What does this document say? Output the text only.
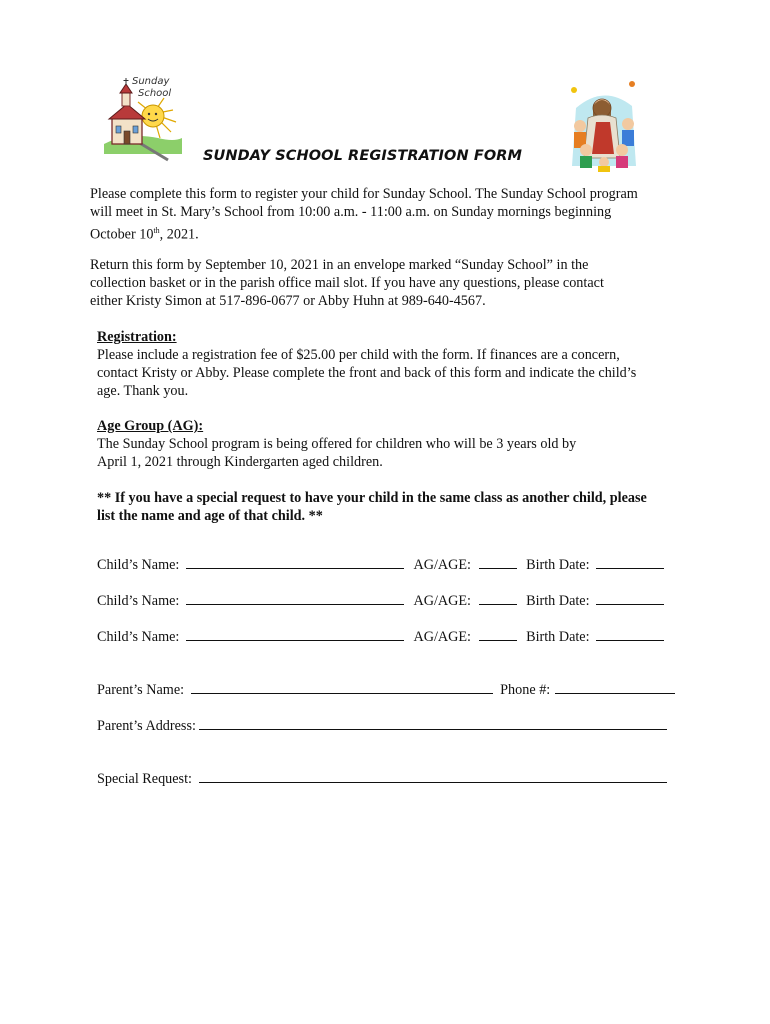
Sunday
School
SUNDAY SCHOOL REGISTRATION FORM
Please complete this form to register your child for Sunday School. The Sunday School program
will meet in St. Mary’s School from 10:00 a.m. - 11:00 a.m. on Sunday mornings beginning
October 10th, 2021.
Return this form by September 10, 2021 in an envelope marked “Sunday School” in the
collection basket or in the parish office mail slot. If you have any questions, please contact
either Kristy Simon at 517-896-0677 or Abby Huhn at 989-640-4567.
Registration:
Please include a registration fee of $25.00 per child with the form. If finances are a concern,
contact Kristy or Abby. Please complete the front and back of this form and indicate the child’s
age. Thank you.
Age Group (AG):
The Sunday School program is being offered for children who will be 3 years old by
April 1, 2021 through Kindergarten aged children.
** If you have a special request to have your child in the same class as another child, please
list the name and age of that child. **
Child’s Name:	AG/AGE:	Birth Date:
Child’s Name:	AG/AGE:	Birth Date:
Child’s Name:	AG/AGE:	Birth Date:
Parent’s Name:	Phone #:
Parent’s Address:
Special Request:
